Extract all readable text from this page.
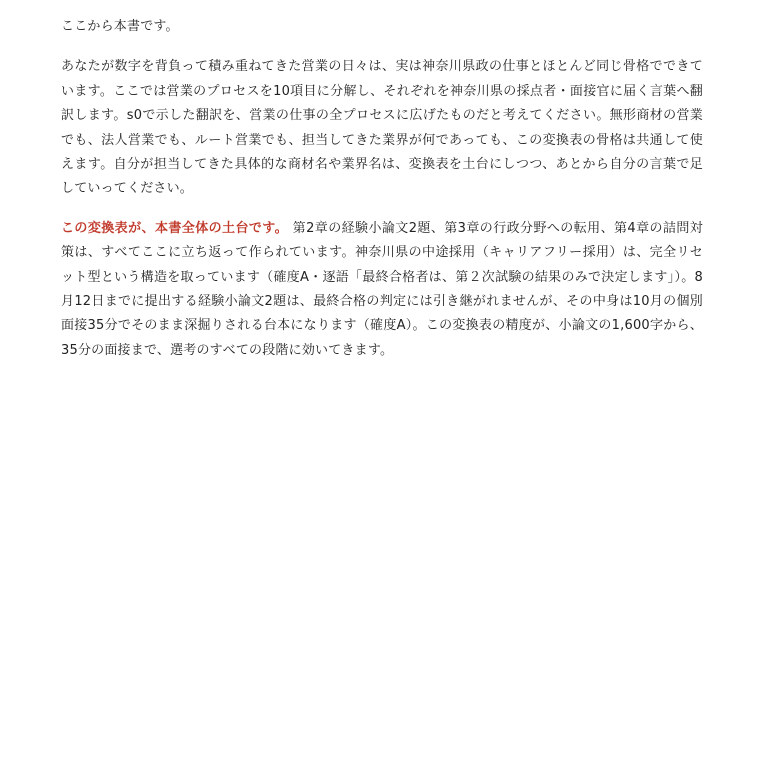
ここから本書です。

あなたが数字を背負って積み重ねてきた営業の日々は、実は神奈川県政の仕事とほとんど同じ骨格でできています。ここでは営業のプロセスを10項目に分解し、それぞれを神奈川県の採点者・面接官に届く言葉へ翻訳します。s0で示した翻訳を、営業の仕事の全プロセスに広げたものだと考えてください。無形商材の営業でも、法人営業でも、ルート営業でも、担当してきた業界が何であっても、この変換表の骨格は共通して使えます。自分が担当してきた具体的な商材名や業界名は、変換表を土台にしつつ、あとから自分の言葉で足していってください。

この変換表が、本書全体の土台です。 第2章の経験小論文2題、第3章の行政分野への転用、第4章の詰問対策は、すべてここに立ち返って作られています。神奈川県の中途採用（キャリアフリー採用）は、完全リセット型という構造を取っています（確度A・逐語「最終合格者は、第２次試験の結果のみで決定します」）。8月12日までに提出する経験小論文2題は、最終合格の判定には引き継がれませんが、その中身は10月の個別面接35分でそのまま深掘りされる台本になります（確度A）。この変換表の精度が、小論文の1,600字から、35分の面接まで、選考のすべての段階に効いてきます。
